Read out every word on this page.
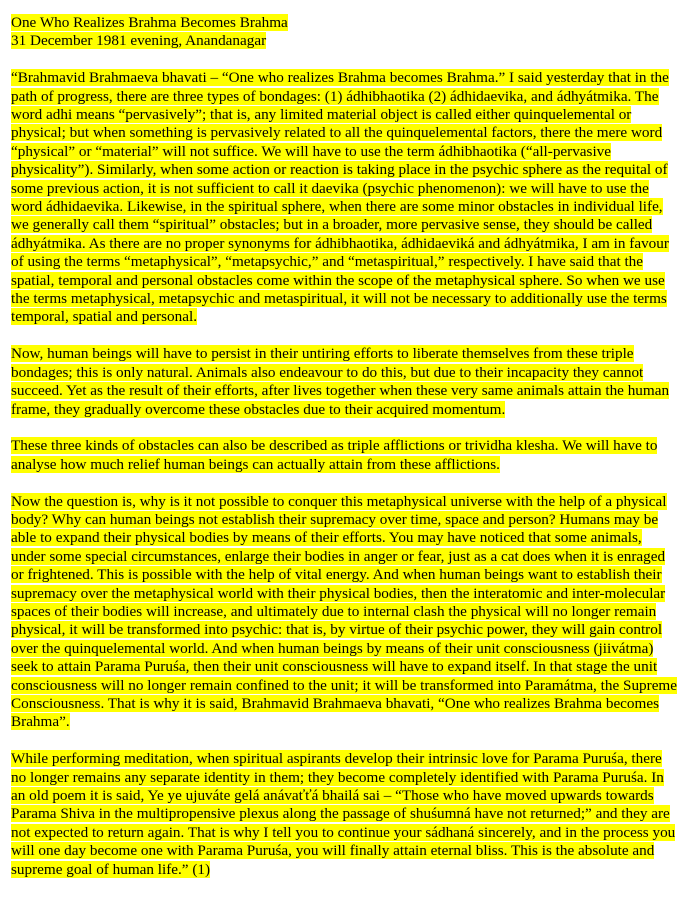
One Who Realizes Brahma Becomes Brahma
31 December 1981 evening, Anandanagar

“Brahmavid Brahmaeva bhavati – “One who realizes Brahma becomes Brahma.” I said yesterday that in the path of progress, there are three types of bondages: (1) ádhibhaotika (2) ádhidaevika, and ádhyátmika. The word adhi means “pervasively”; that is, any limited material object is called either quinquelemental or physical; but when something is pervasively related to all the quinquelemental factors, there the mere word “physical” or “material” will not suffice. We will have to use the term ádhibhaotika (“all-pervasive physicality”). Similarly, when some action or reaction is taking place in the psychic sphere as the requital of some previous action, it is not sufficient to call it daevika (psychic phenomenon): we will have to use the word ádhidaevika. Likewise, in the spiritual sphere, when there are some minor obstacles in individual life, we generally call them “spiritual” obstacles; but in a broader, more pervasive sense, they should be called ádhyátmika. As there are no proper synonyms for ádhibhaotika, ádhidaeviká and ádhyátmika, I am in favour of using the terms “metaphysical”, “metapsychic,” and “metaspiritual,” respectively. I have said that the spatial, temporal and personal obstacles come within the scope of the metaphysical sphere. So when we use the terms metaphysical, metapsychic and metaspiritual, it will not be necessary to additionally use the terms temporal, spatial and personal.

Now, human beings will have to persist in their untiring efforts to liberate themselves from these triple bondages; this is only natural. Animals also endeavour to do this, but due to their incapacity they cannot succeed. Yet as the result of their efforts, after lives together when these very same animals attain the human frame, they gradually overcome these obstacles due to their acquired momentum.

These three kinds of obstacles can also be described as triple afflictions or trividha klesha. We will have to analyse how much relief human beings can actually attain from these afflictions.

Now the question is, why is it not possible to conquer this metaphysical universe with the help of a physical body? Why can human beings not establish their supremacy over time, space and person? Humans may be able to expand their physical bodies by means of their efforts. You may have noticed that some animals, under some special circumstances, enlarge their bodies in anger or fear, just as a cat does when it is enraged or frightened. This is possible with the help of vital energy. And when human beings want to establish their supremacy over the metaphysical world with their physical bodies, then the interatomic and inter-molecular spaces of their bodies will increase, and ultimately due to internal clash the physical will no longer remain physical, it will be transformed into psychic: that is, by virtue of their psychic power, they will gain control over the quinquelemental world. And when human beings by means of their unit consciousness (jiivátma) seek to attain Parama Puruśa, then their unit consciousness will have to expand itself. In that stage the unit consciousness will no longer remain confined to the unit; it will be transformed into Paramátma, the Supreme Consciousness. That is why it is said, Brahmavid Brahmaeva bhavati, “One who realizes Brahma becomes Brahma”.

While performing meditation, when spiritual aspirants develop their intrinsic love for Parama Puruśa, there no longer remains any separate identity in them; they become completely identified with Parama Puruśa. In an old poem it is said, Ye ye ujuváte gelá anávaťťá bhailá sai – “Those who have moved upwards towards Parama Shiva in the multipropensive plexus along the passage of shuśumná have not returned;” and they are not expected to return again. That is why I tell you to continue your sádhaná sincerely, and in the process you will one day become one with Parama Puruśa, you will finally attain eternal bliss. This is the absolute and supreme goal of human life.” (1)
